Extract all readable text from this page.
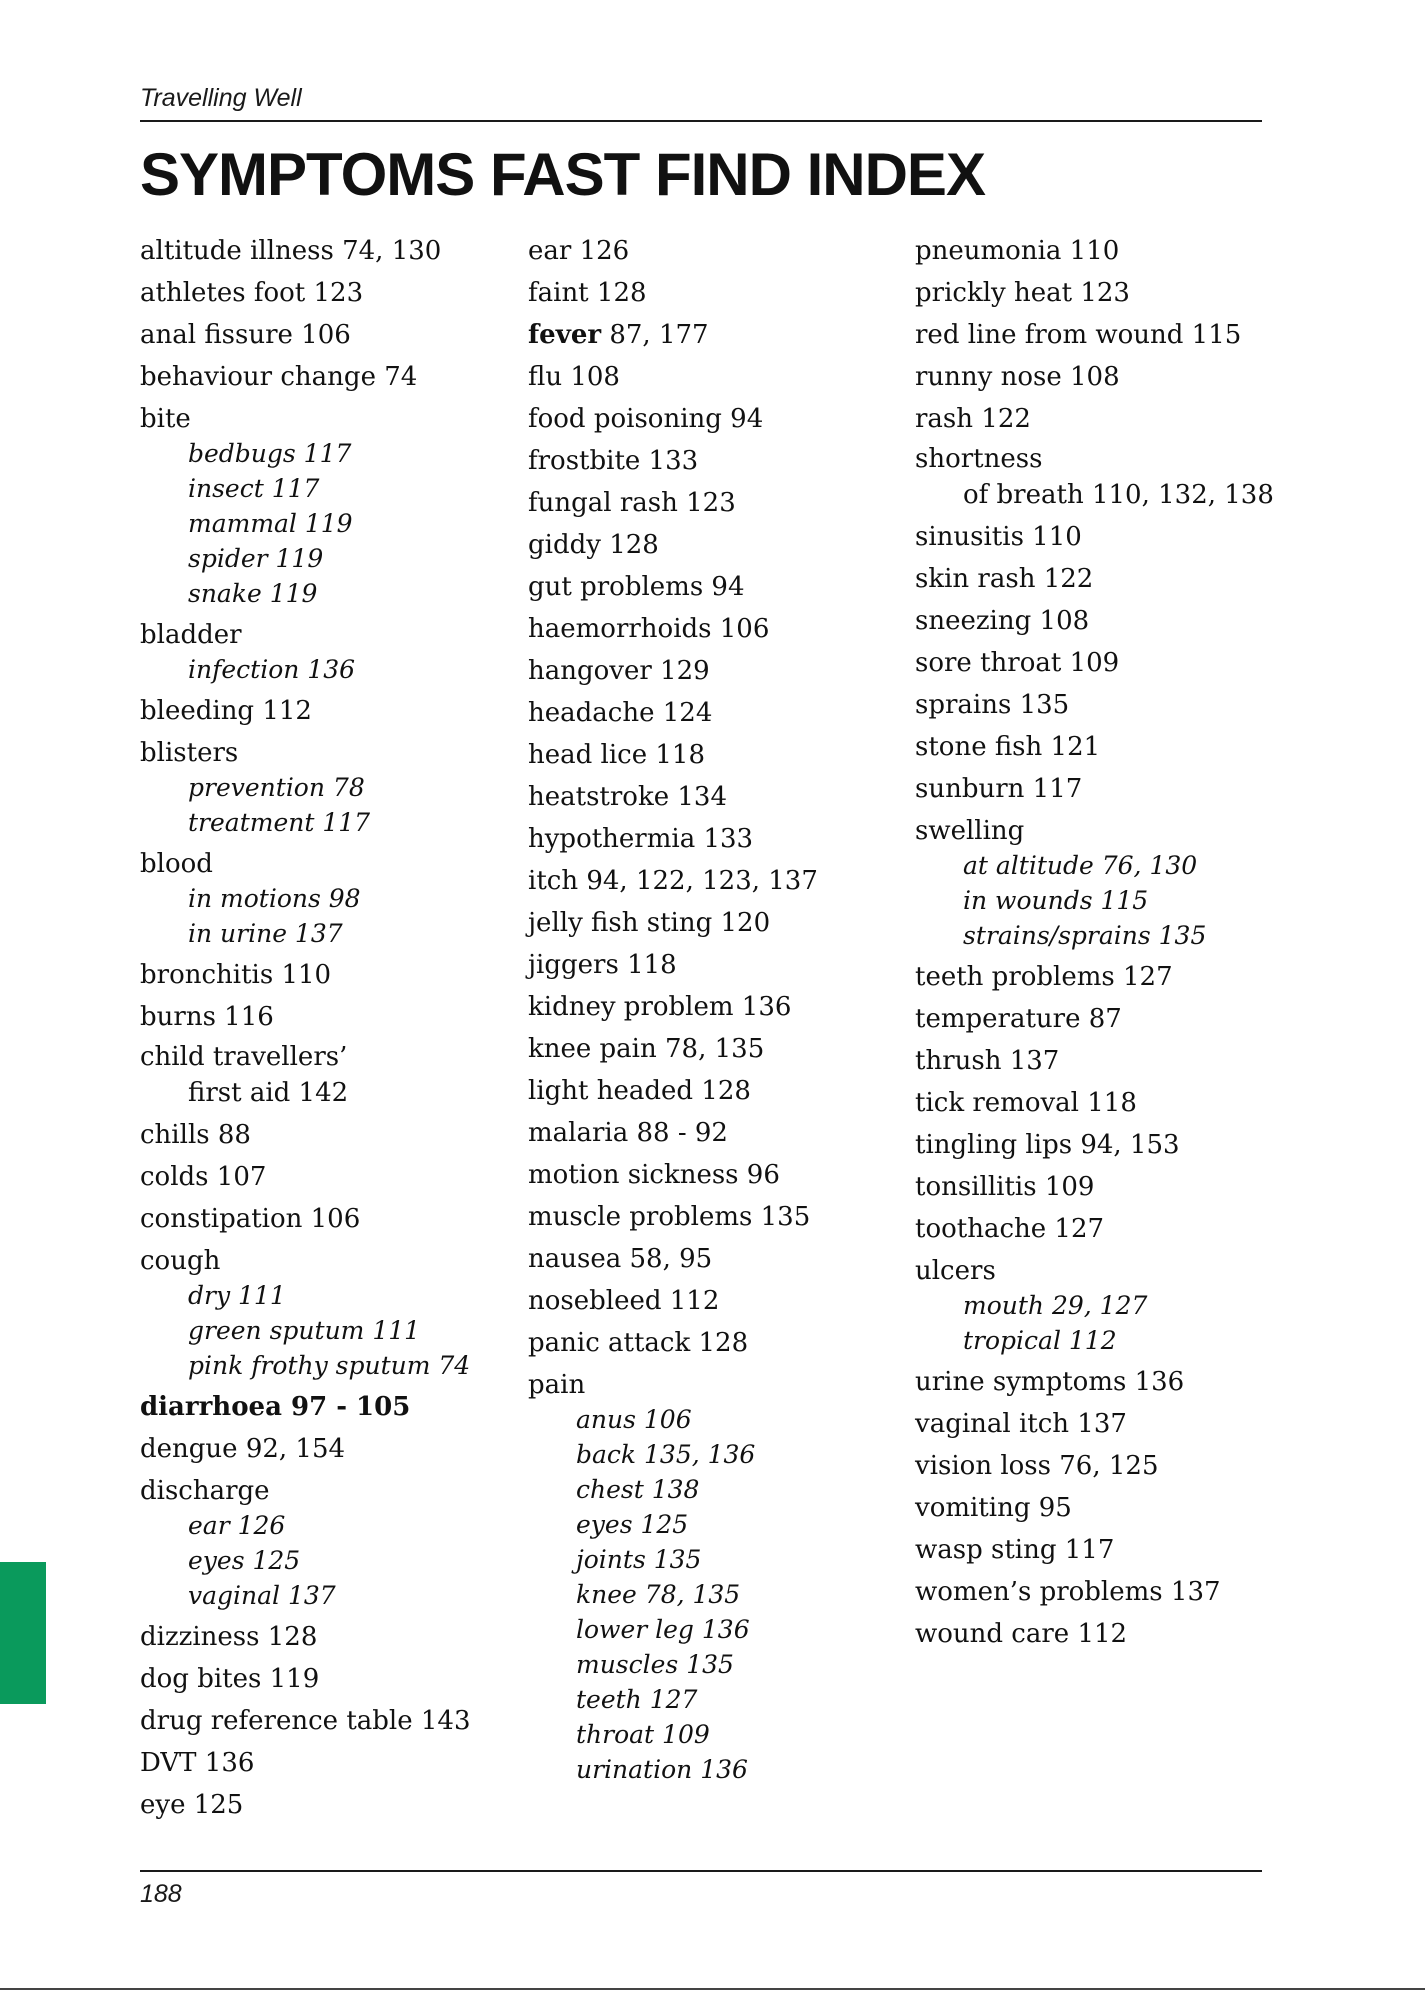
Travelling Well
SYMPTOMS FAST FIND INDEX
altitude illness 74, 130
athletes foot 123
anal fissure 106
behaviour change 74
bite
bedbugs 117
insect 117
mammal 119
spider 119
snake 119
bladder
infection 136
bleeding 112
blisters
prevention 78
treatment 117
blood
in motions 98
in urine 137
bronchitis 110
burns 116
child travellers’
first aid 142
chills 88
colds 107
constipation 106
cough
dry 111
green sputum 111
pink frothy sputum 74
diarrhoea 97 - 105
dengue 92, 154
discharge
ear 126
eyes 125
vaginal 137
dizziness 128
dog bites 119
drug reference table 143
DVT 136
eye 125
ear 126
faint 128
fever 87, 177
flu 108
food poisoning 94
frostbite 133
fungal rash 123
giddy 128
gut problems 94
haemorrhoids 106
hangover 129
headache 124
head lice 118
heatstroke 134
hypothermia 133
itch 94, 122, 123, 137
jelly fish sting 120
jiggers 118
kidney problem 136
knee pain 78, 135
light headed 128
malaria 88 - 92
motion sickness 96
muscle problems 135
nausea 58, 95
nosebleed 112
panic attack 128
pain
anus 106
back 135, 136
chest 138
eyes 125
joints 135
knee 78, 135
lower leg 136
muscles 135
teeth 127
throat 109
urination 136
pneumonia 110
prickly heat 123
red line from wound 115
runny nose 108
rash 122
shortness
of breath 110, 132, 138
sinusitis 110
skin rash 122
sneezing 108
sore throat 109
sprains 135
stone fish 121
sunburn 117
swelling
at altitude 76, 130
in wounds 115
strains/sprains 135
teeth problems 127
temperature 87
thrush 137
tick removal 118
tingling lips 94, 153
tonsillitis 109
toothache 127
ulcers
mouth 29, 127
tropical 112
urine symptoms 136
vaginal itch 137
vision loss 76, 125
vomiting 95
wasp sting 117
women’s problems 137
wound care 112
188
